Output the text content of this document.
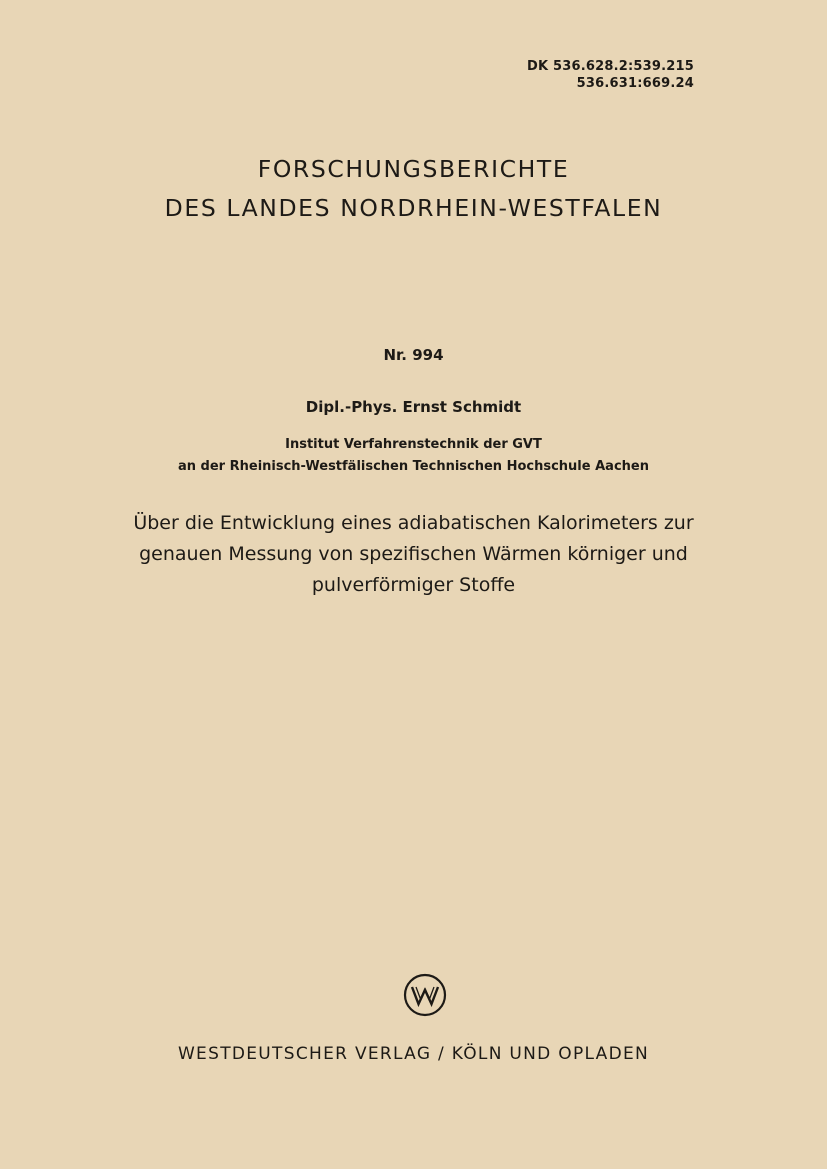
DK 536.628.2:539.215
536.631:669.24
FORSCHUNGSBERICHTE
DES LANDES NORDRHEIN-WESTFALEN
Nr. 994
Dipl.-Phys. Ernst Schmidt
Institut Verfahrenstechnik der GVT
an der Rheinisch-Westfälischen Technischen Hochschule Aachen
Über die Entwicklung eines adiabatischen Kalorimeters zur
genauen Messung von spezifischen Wärmen körniger und
pulverförmiger Stoffe
WESTDEUTSCHER VERLAG / KÖLN UND OPLADEN
